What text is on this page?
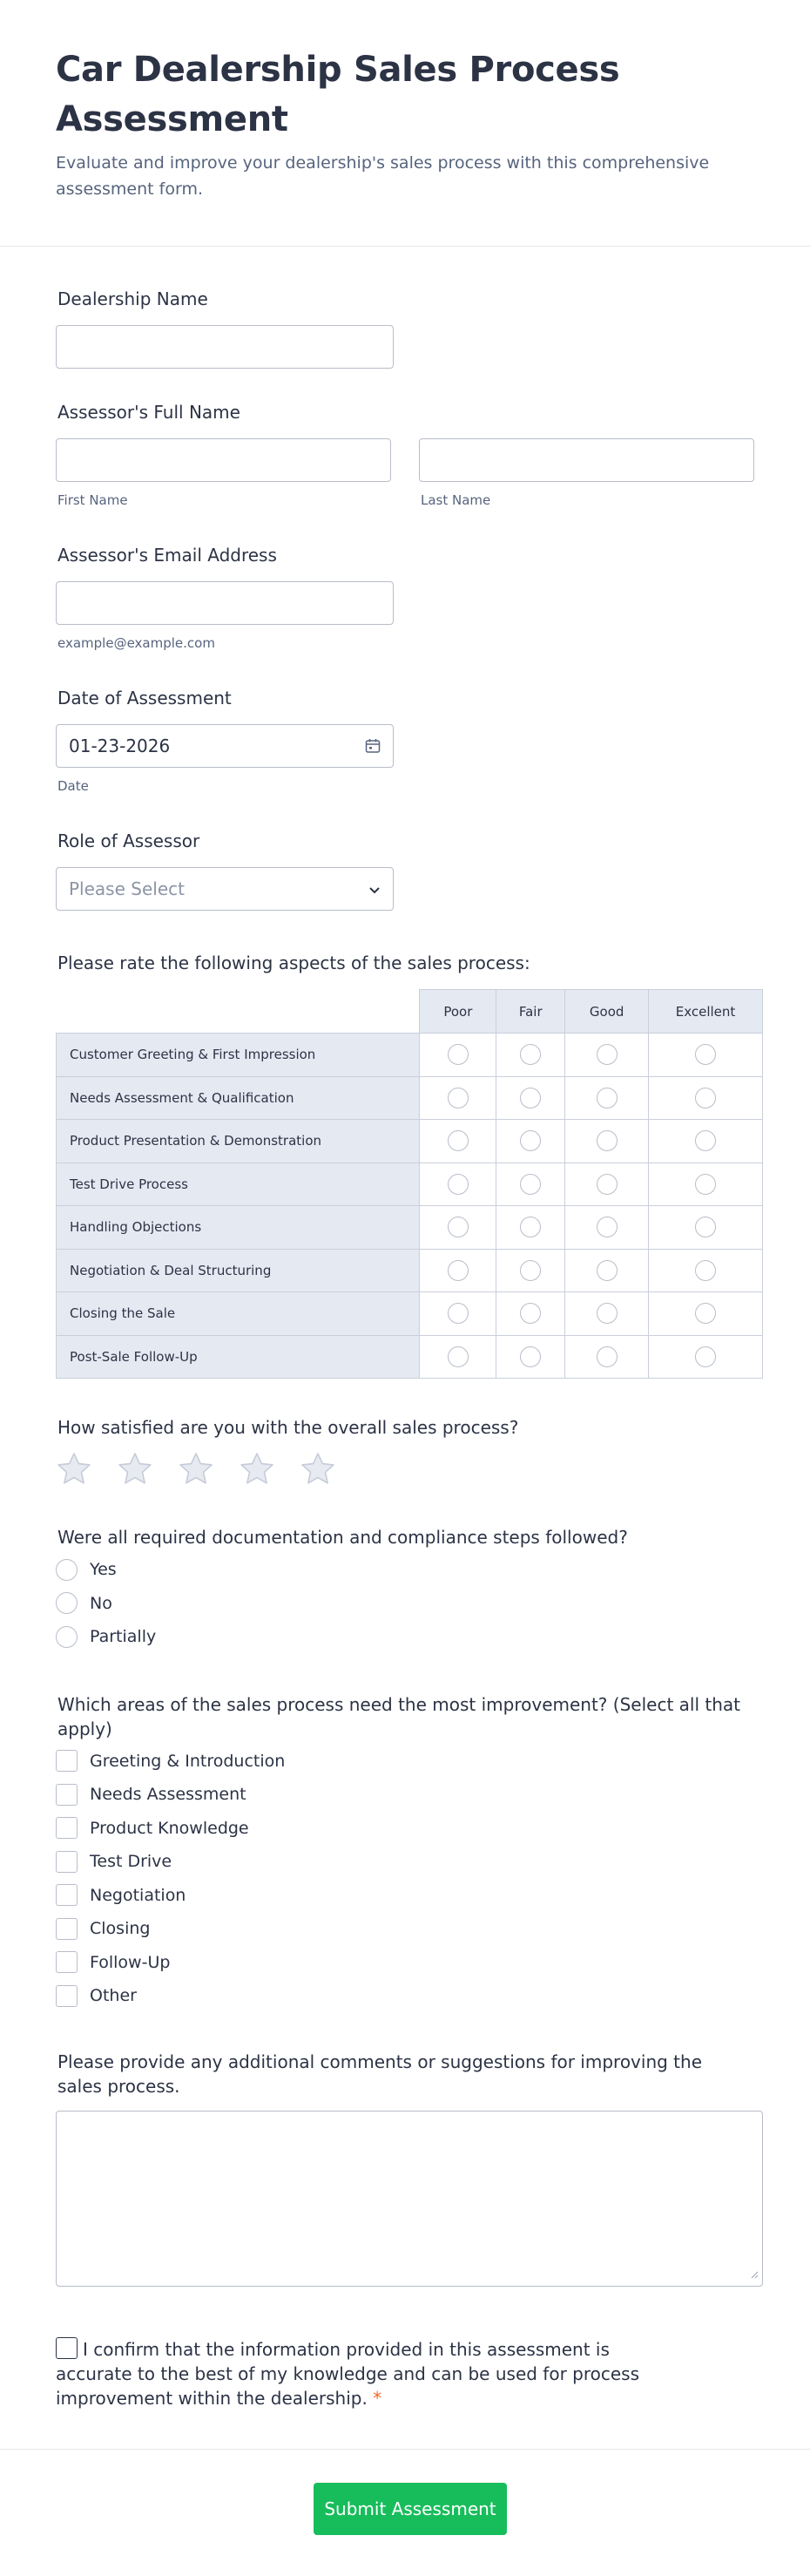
Car Dealership Sales Process Assessment

Evaluate and improve your dealership's sales process with this comprehensive assessment form.

Dealership Name
Assessor's Full Name
First Name	Last Name
Assessor's Email Address
example@example.com
Date of Assessment
01-23-2026
Date
Role of Assessor
Please Select
Please rate the following aspects of the sales process:
	Poor	Fair	Good	Excellent
Customer Greeting & First Impression				
Needs Assessment & Qualification				
Product Presentation & Demonstration				
Test Drive Process				
Handling Objections				
Negotiation & Deal Structuring				
Closing the Sale				
Post-Sale Follow-Up				
How satisfied are you with the overall sales process?
Were all required documentation and compliance steps followed?
Yes
No
Partially
Which areas of the sales process need the most improvement? (Select all that apply)
Greeting & Introduction
Needs Assessment
Product Knowledge
Test Drive
Negotiation
Closing
Follow-Up
Other
Please provide any additional comments or suggestions for improving the sales process.
I confirm that the information provided in this assessment is accurate to the best of my knowledge and can be used for process improvement within the dealership. *
Submit Assessment
